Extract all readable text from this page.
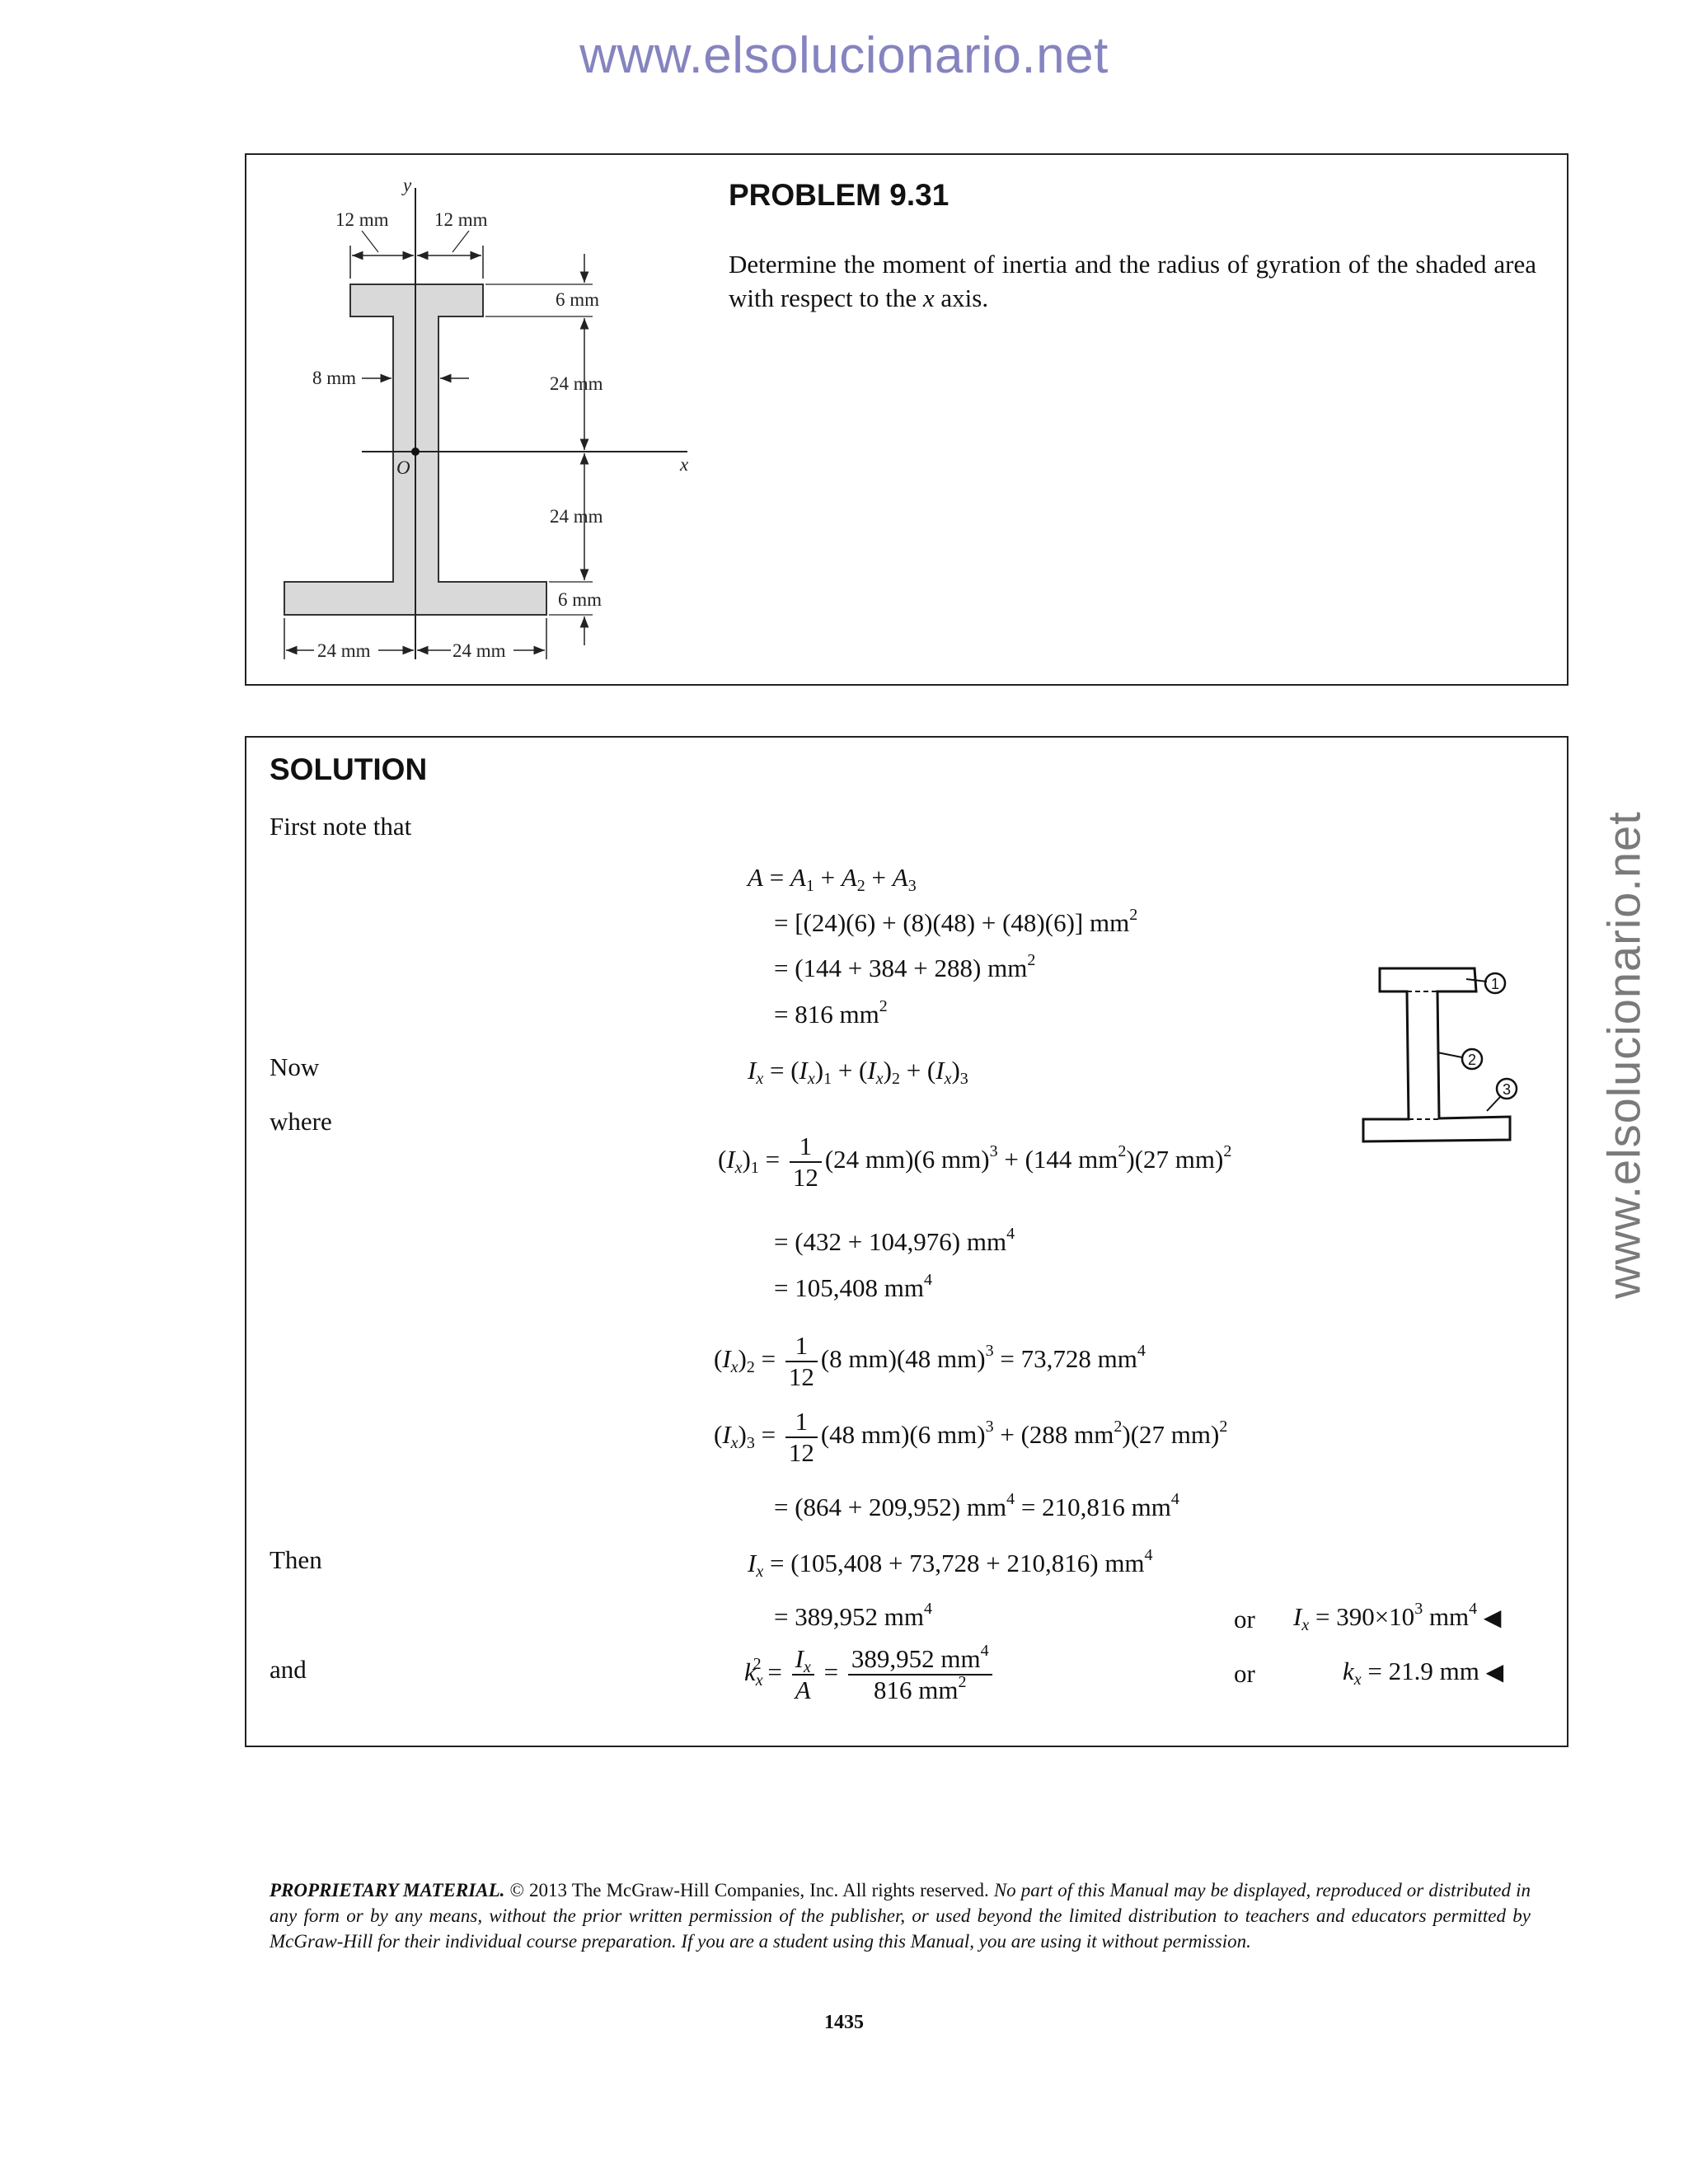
www.elsolucionario.net
www.elsolucionario.net
PROBLEM 9.31
Determine the moment of inertia and the radius of gyration of the shaded area with respect to the x axis.
y
x
O
12 mm 12 mm
8 mm
6 mm
24 mm
24 mm
6 mm
24 mm	24 mm
SOLUTION
First note that
Now
where
Then
and
$A = A_1 + A_2 + A_3$
= [(24)(6) + (8)(48) + (48)(6)] $mm^2$
= (144 + 384 + 288) $mm^2$
= 816 $mm^2$
$I_x = (I_x)_1 + (I_x)_2 + (I_x)_3$
$(I_x)_1 = \frac{1}{12} (24$ mm)(6 mm)$^3$ + (144 $mm^2)(27$ mm)$^2$
= (432 + 104,976) $mm^4$
= 105,408 $mm^4$
$(I_x)_2 = \frac{1}{12} (8$ mm)(48 mm)$^3$ = 73,728 $mm^4$
$(I_x)_3 = \frac{1}{12} (48$ mm)(6 mm)$^3$ + (288 $mm^2)(27$ mm)$^2$
= (864 + 209,952) $mm^4 = 210,816$ $mm^4$
$I_x = (105,408 + 73,728 + 210,816)$ $mm^4$
= 389,952 $mm^4$	or $I_x = 390\times 10^3$ $mm^4$ ◀
$k_x^2 = \frac{I_x}{A} = \frac{389,952 mm^4}{816 mm^2}$	or	$k_x = 21.9$ mm ◀
1
2
3
PROPRIETARY MATERIAL. © 2013 The McGraw-Hill Companies, Inc. All rights reserved. No part of this Manual may be displayed, reproduced or distributed in any form or by any means, without the prior written permission of the publisher, or used beyond the limited distribution to teachers and educators permitted by McGraw-Hill for their individual course preparation. If you are a student using this Manual, you are using it without permission.
1435
